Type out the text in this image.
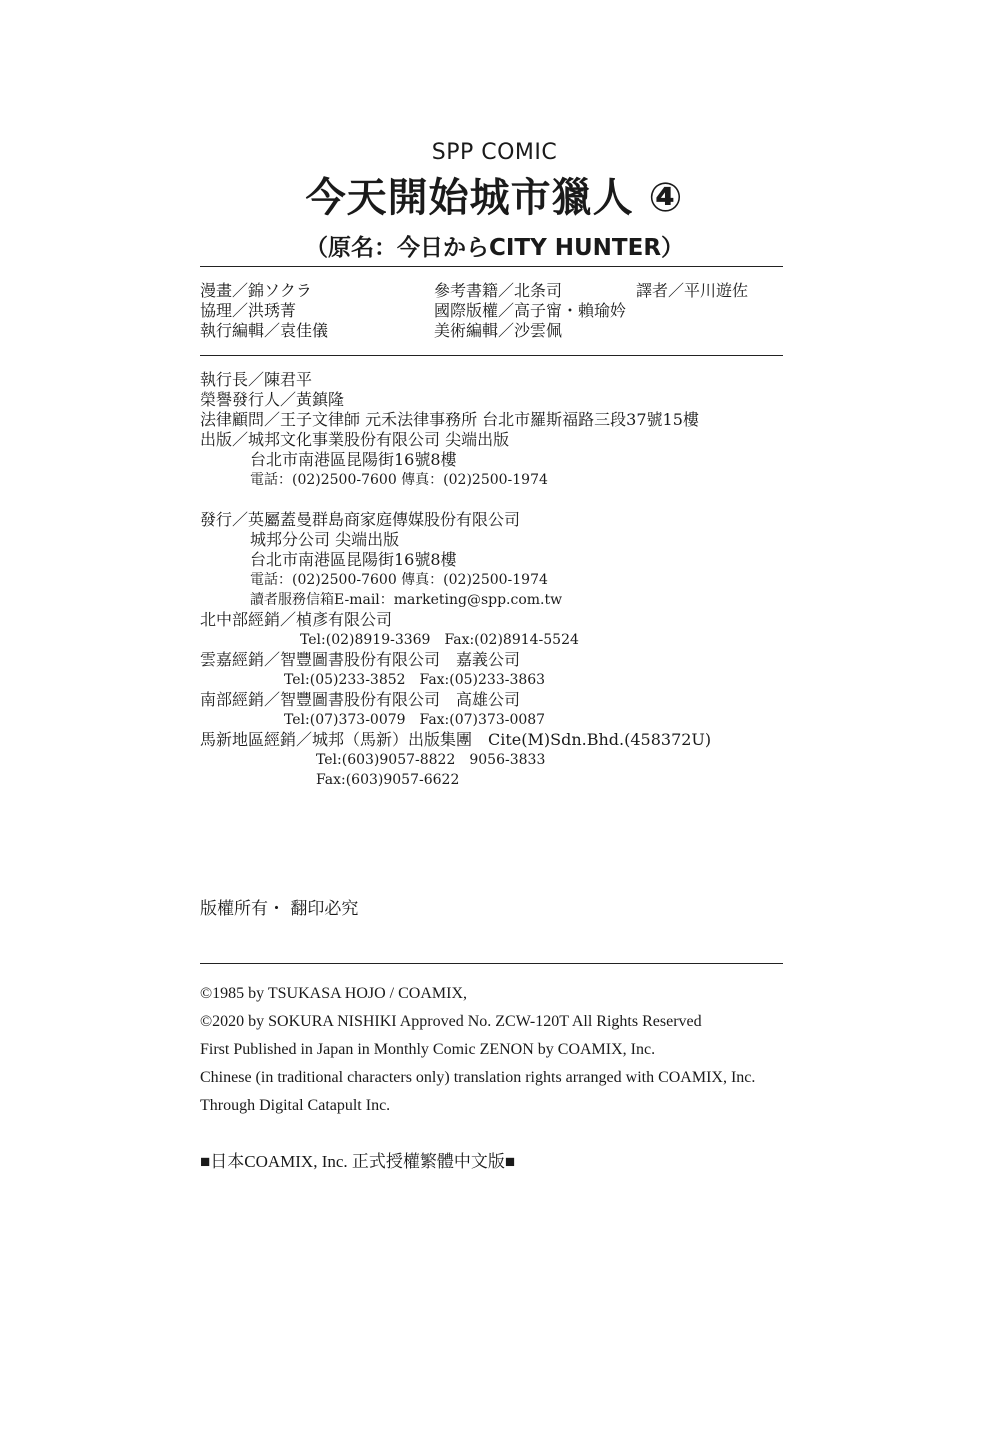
SPP COMIC
今天開始城市獵人 ④
（原名：今日からCITY HUNTER）
漫畫／錦ソクラ
協理／洪琇菁
執行編輯／袁佳儀
參考書籍／北条司
國際版權／高子甯・賴瑜妗
美術編輯／沙雲佩
譯者／平川遊佐
執行長／陳君平
榮譽發行人／黃鎮隆
法律顧問／王子文律師 元禾法律事務所 台北市羅斯福路三段37號15樓
出版／城邦文化事業股份有限公司 尖端出版
台北市南港區昆陽街16號8樓
電話：(02)2500-7600 傳真：(02)2500-1974
發行／英屬蓋曼群島商家庭傳媒股份有限公司
城邦分公司 尖端出版
台北市南港區昆陽街16號8樓
電話：(02)2500-7600 傳真：(02)2500-1974
讀者服務信箱E-mail：marketing@spp.com.tw
北中部經銷／楨彥有限公司
Tel:(02)8919-3369　Fax:(02)8914-5524
雲嘉經銷／智豐圖書股份有限公司　嘉義公司
Tel:(05)233-3852　Fax:(05)233-3863
南部經銷／智豐圖書股份有限公司　高雄公司
Tel:(07)373-0079　Fax:(07)373-0087
馬新地區經銷／城邦（馬新）出版集團　Cite(M)Sdn.Bhd.(458372U)
Tel:(603)9057-8822　9056-3833
Fax:(603)9057-6622
版權所有・ 翻印必究
©1985 by TSUKASA HOJO / COAMIX,
©2020 by SOKURA NISHIKI Approved No. ZCW-120T All Rights Reserved
First Published in Japan in Monthly Comic ZENON by COAMIX, Inc.
Chinese (in traditional characters only) translation rights arranged with COAMIX, Inc.
Through Digital Catapult Inc.
■日本COAMIX, Inc. 正式授權繁體中文版■
